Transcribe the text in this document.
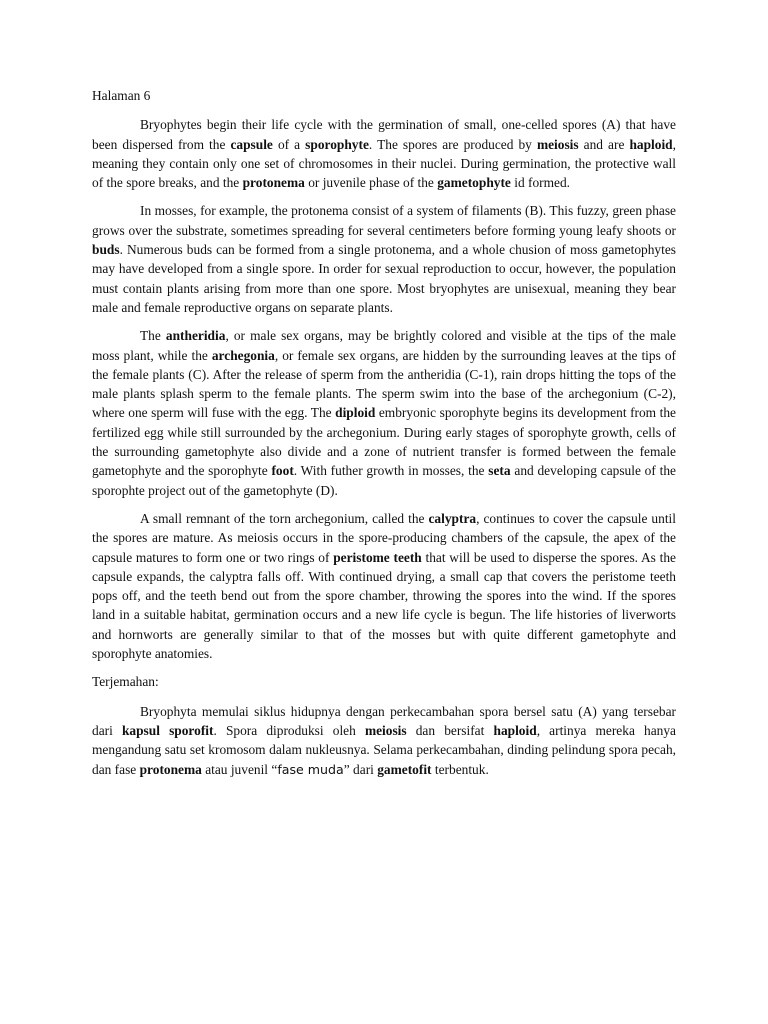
Halaman 6

Bryophytes begin their life cycle with the germination of small, one-celled spores (A) that have been dispersed from the capsule of a sporophyte. The spores are produced by meiosis and are haploid, meaning they contain only one set of chromosomes in their nuclei. During germination, the protective wall of the spore breaks, and the protonema or juvenile phase of the gametophyte id formed.

In mosses, for example, the protonema consist of a system of filaments (B). This fuzzy, green phase grows over the substrate, sometimes spreading for several centimeters before forming young leafy shoots or buds. Numerous buds can be formed from a single protonema, and a whole chusion of moss gametophytes may have developed from a single spore. In order for sexual reproduction to occur, however, the population must contain plants arising from more than one spore. Most bryophytes are unisexual, meaning they bear male and female reproductive organs on separate plants.

The antheridia, or male sex organs, may be brightly colored and visible at the tips of the male moss plant, while the archegonia, or female sex organs, are hidden by the surrounding leaves at the tips of the female plants (C). After the release of sperm from the antheridia (C-1), rain drops hitting the tops of the male plants splash sperm to the female plants. The sperm swim into the base of the archegonium (C-2), where one sperm will fuse with the egg. The diploid embryonic sporophyte begins its development from the fertilized egg while still surrounded by the archegonium. During early stages of sporophyte growth, cells of the surrounding gametophyte also divide and a zone of nutrient transfer is formed between the female gametophyte and the sporophyte foot. With futher growth in mosses, the seta and developing capsule of the sporophte project out of the gametophyte (D).

A small remnant of the torn archegonium, called the calyptra, continues to cover the capsule until the spores are mature. As meiosis occurs in the spore-producing chambers of the capsule, the apex of the capsule matures to form one or two rings of peristome teeth that will be used to disperse the spores. As the capsule expands, the calyptra falls off. With continued drying, a small cap that covers the peristome teeth pops off, and the teeth bend out from the spore chamber, throwing the spores into the wind. If the spores land in a suitable habitat, germination occurs and a new life cycle is begun. The life histories of liverworts and hornworts are generally similar to that of the mosses but with quite different gametophyte and sporophyte anatomies.

Terjemahan:

Bryophyta memulai siklus hidupnya dengan perkecambahan spora bersel satu (A) yang tersebar dari kapsul sporofit. Spora diproduksi oleh meiosis dan bersifat haploid, artinya mereka hanya mengandung satu set kromosom dalam nukleusnya. Selama perkecambahan, dinding pelindung spora pecah, dan fase protonema atau juvenil “fase muda” dari gametofit terbentuk.
